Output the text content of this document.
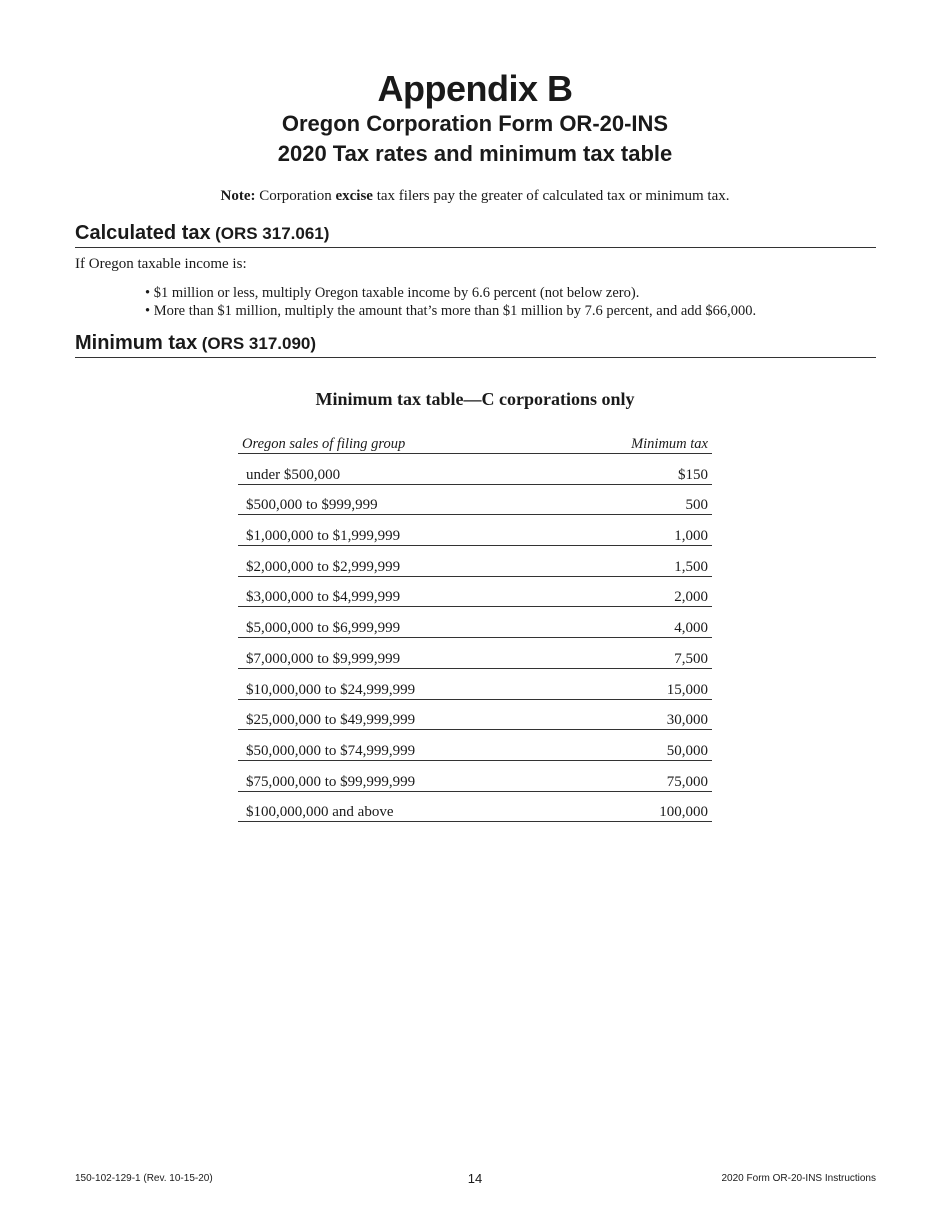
Appendix B
Oregon Corporation Form OR-20-INS
2020 Tax rates and minimum tax table
Note: Corporation excise tax filers pay the greater of calculated tax or minimum tax.
Calculated tax (ORS 317.061)
If Oregon taxable income is:
• $1 million or less, multiply Oregon taxable income by 6.6 percent (not below zero).
• More than $1 million, multiply the amount that’s more than $1 million by 7.6 percent, and add $66,000.
Minimum tax (ORS 317.090)
Minimum tax table—C corporations only
Oregon sales of filing group	Minimum tax
under $500,000	$150
$500,000 to $999,999	500
$1,000,000 to $1,999,999	1,000
$2,000,000 to $2,999,999	1,500
$3,000,000 to $4,999,999	2,000
$5,000,000 to $6,999,999	4,000
$7,000,000 to $9,999,999	7,500
$10,000,000 to $24,999,999	15,000
$25,000,000 to $49,999,999	30,000
$50,000,000 to $74,999,999	50,000
$75,000,000 to $99,999,999	75,000
$100,000,000 and above	100,000
150-102-129-1 (Rev. 10-15-20)	14	2020 Form OR-20-INS Instructions
